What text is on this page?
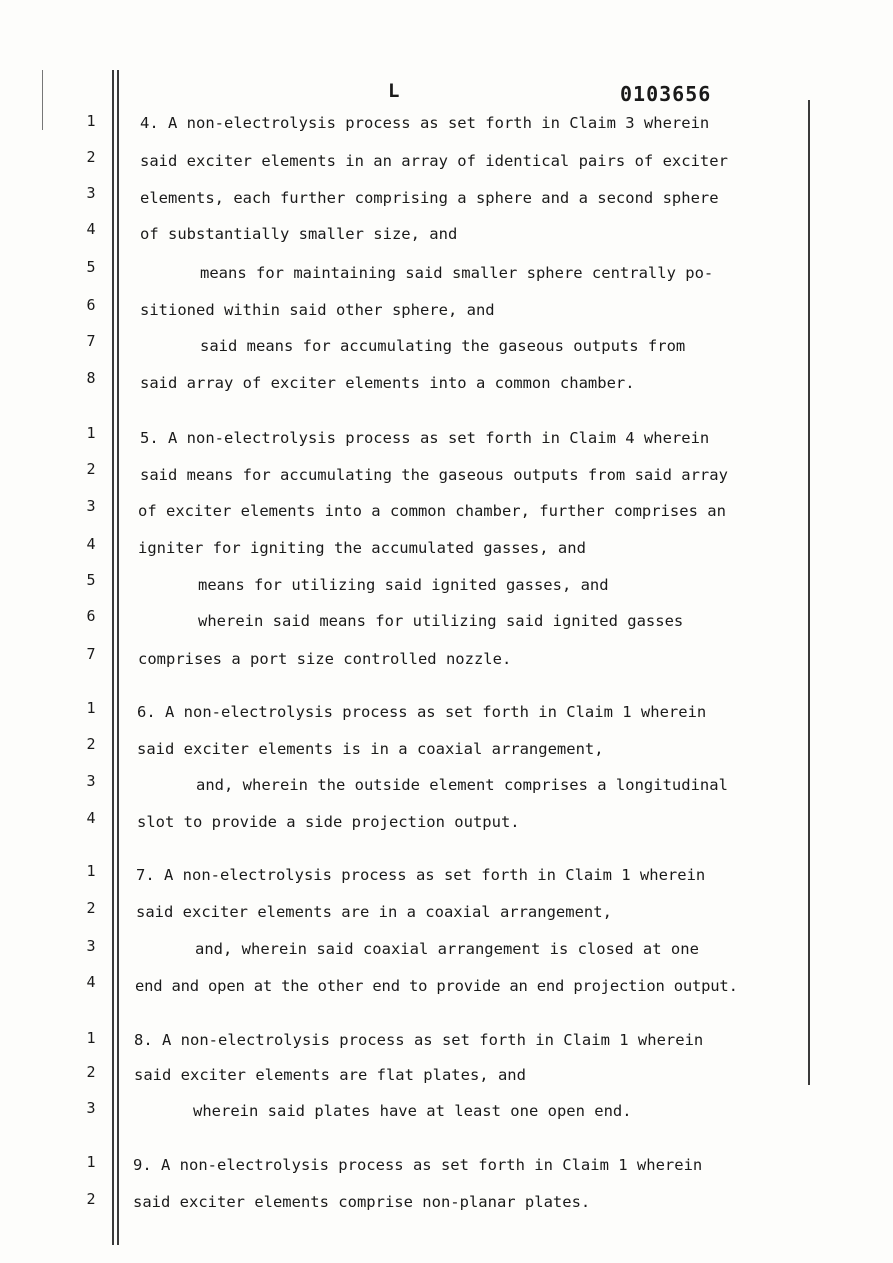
L	0103656
1
2
3
4
5
6
7
8
4. A non-electrolysis process as set forth in Claim 3 wherein
said exciter elements in an array of identical pairs of exciter
elements, each further comprising a sphere and a second sphere
of substantially smaller size, and
means for maintaining said smaller sphere centrally po-
sitioned within said other sphere, and
said means for accumulating the gaseous outputs from
said array of exciter elements into a common chamber.
1
2
3
4
5
6
7
5. A non-electrolysis process as set forth in Claim 4 wherein
said means for accumulating the gaseous outputs from said array
of exciter elements into a common chamber, further comprises an
igniter for igniting the accumulated gasses, and
means for utilizing said ignited gasses, and
wherein said means for utilizing said ignited gasses
comprises a port size controlled nozzle.
1
2
3
4
6. A non-electrolysis process as set forth in Claim 1 wherein
said exciter elements is in a coaxial arrangement,
and, wherein the outside element comprises a longitudinal
slot to provide a side projection output.
1
2
3
4
7. A non-electrolysis process as set forth in Claim 1 wherein
said exciter elements are in a coaxial arrangement,
and, wherein said coaxial arrangement is closed at one
end and open at the other end to provide an end projection output.
1
2
3
8. A non-electrolysis process as set forth in Claim 1 wherein
said exciter elements are flat plates, and
wherein said plates have at least one open end.
1
2
9. A non-electrolysis process as set forth in Claim 1 wherein
said exciter elements comprise non-planar plates.
